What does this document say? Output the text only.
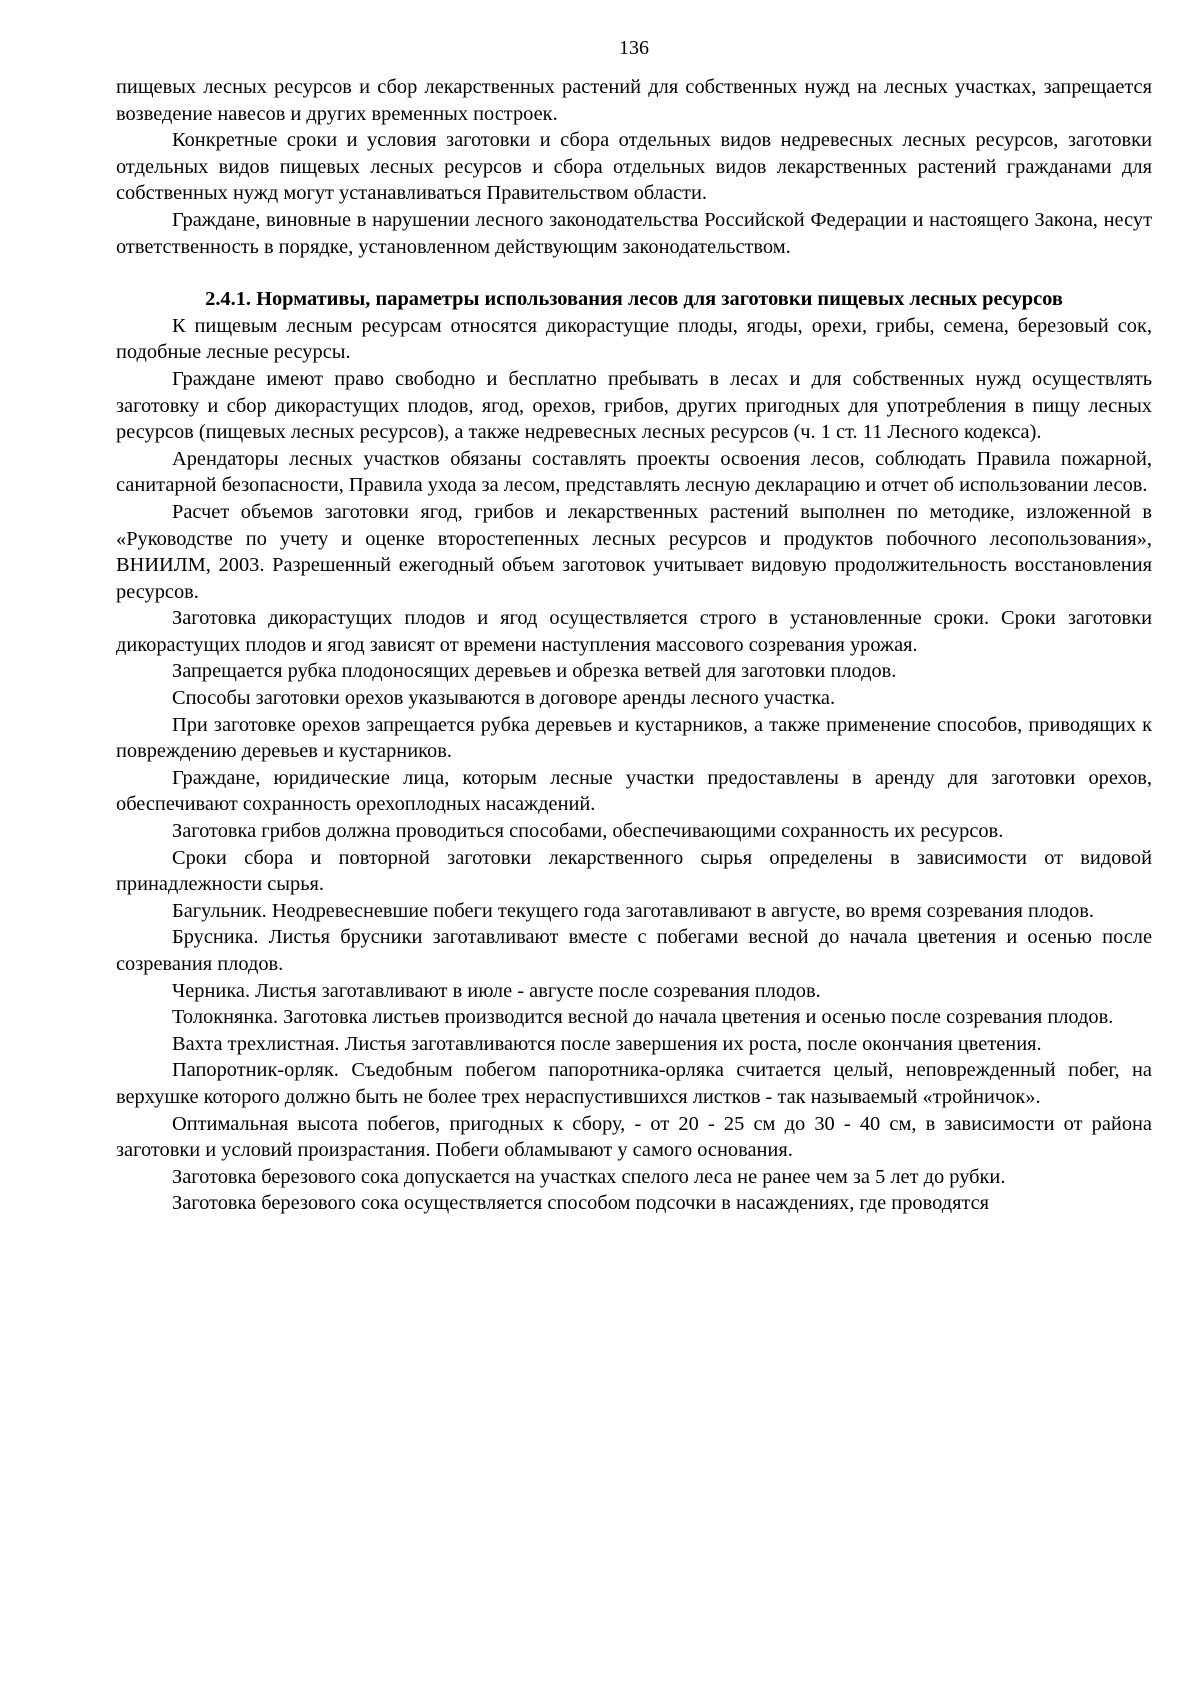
136

пищевых лесных ресурсов и сбор лекарственных растений для собственных нужд на лесных участках, запрещается возведение навесов и других временных построек.

Конкретные сроки и условия заготовки и сбора отдельных видов недревесных лесных ресурсов, заготовки отдельных видов пищевых лесных ресурсов и сбора отдельных видов лекарственных растений гражданами для собственных нужд могут устанавливаться Правительством области.

Граждане, виновные в нарушении лесного законодательства Российской Федерации и настоящего Закона, несут ответственность в порядке, установленном действующим законодательством.

2.4.1. Нормативы, параметры использования лесов для заготовки пищевых лесных ресурсов

К пищевым лесным ресурсам относятся дикорастущие плоды, ягоды, орехи, грибы, семена, березовый сок, подобные лесные ресурсы.

Граждане имеют право свободно и бесплатно пребывать в лесах и для собственных нужд осуществлять заготовку и сбор дикорастущих плодов, ягод, орехов, грибов, других пригодных для употребления в пищу лесных ресурсов (пищевых лесных ресурсов), а также недревесных лесных ресурсов (ч. 1 ст. 11 Лесного кодекса).

Арендаторы лесных участков обязаны составлять проекты освоения лесов, соблюдать Правила пожарной, санитарной безопасности, Правила ухода за лесом, представлять лесную декларацию и отчет об использовании лесов.

Расчет объемов заготовки ягод, грибов и лекарственных растений выполнен по методике, изложенной в «Руководстве по учету и оценке второстепенных лесных ресурсов и продуктов побочного лесопользования», ВНИИЛМ, 2003. Разрешенный ежегодный объем заготовок учитывает видовую продолжительность восстановления ресурсов.

Заготовка дикорастущих плодов и ягод осуществляется строго в установленные сроки. Сроки заготовки дикорастущих плодов и ягод зависят от времени наступления массового созревания урожая.

Запрещается рубка плодоносящих деревьев и обрезка ветвей для заготовки плодов.

Способы заготовки орехов указываются в договоре аренды лесного участка.

При заготовке орехов запрещается рубка деревьев и кустарников, а также применение способов, приводящих к повреждению деревьев и кустарников.

Граждане, юридические лица, которым лесные участки предоставлены в аренду для заготовки орехов, обеспечивают сохранность орехоплодных насаждений.

Заготовка грибов должна проводиться способами, обеспечивающими сохранность их ресурсов.

Сроки сбора и повторной заготовки лекарственного сырья определены в зависимости от видовой принадлежности сырья.

Багульник. Неодревесневшие побеги текущего года заготавливают в августе, во время созревания плодов.

Брусника. Листья брусники заготавливают вместе с побегами весной до начала цветения и осенью после созревания плодов.

Черника. Листья заготавливают в июле - августе после созревания плодов.

Толокнянка. Заготовка листьев производится весной до начала цветения и осенью после созревания плодов.

Вахта трехлистная. Листья заготавливаются после завершения их роста, после окончания цветения.

Папоротник-орляк. Съедобным побегом папоротника-орляка считается целый, неповрежденный побег, на верхушке которого должно быть не более трех нераспустившихся листков - так называемый «тройничок».

Оптимальная высота побегов, пригодных к сбору, - от 20 - 25 см до 30 - 40 см, в зависимости от района заготовки и условий произрастания. Побеги обламывают у самого основания.

Заготовка березового сока допускается на участках спелого леса не ранее чем за 5 лет до рубки.

Заготовка березового сока осуществляется способом подсочки в насаждениях, где проводятся
